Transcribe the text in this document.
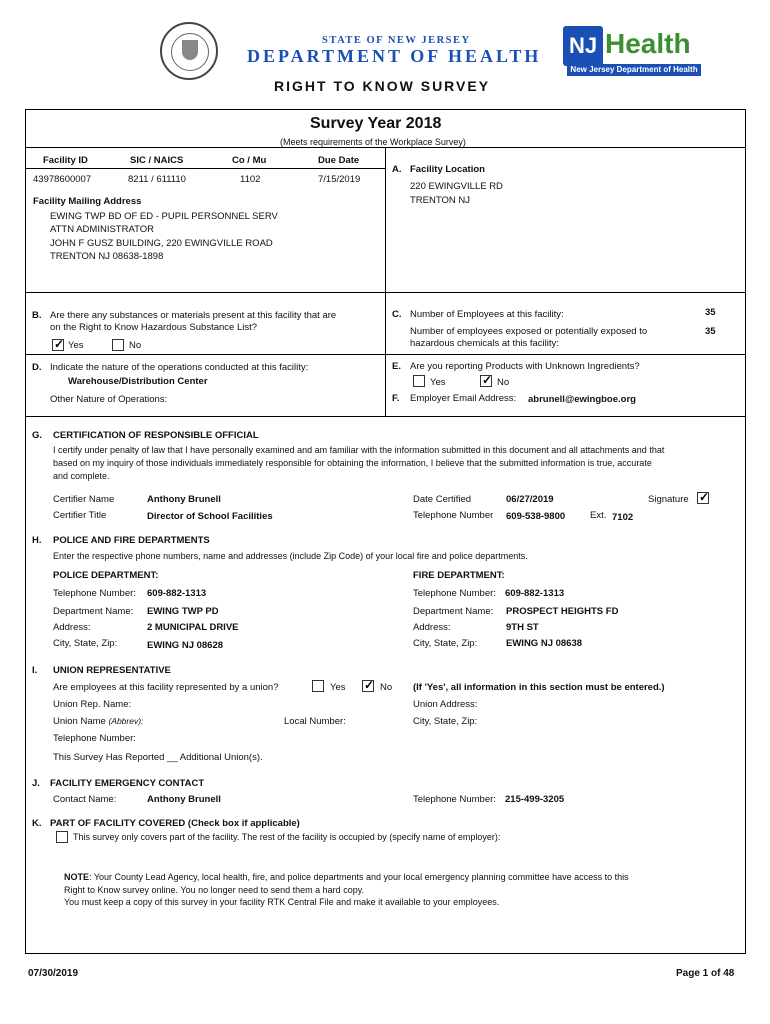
STATE OF NEW JERSEY
DEPARTMENT OF HEALTH
RIGHT TO KNOW SURVEY
NJ Health
New Jersey Department of Health
Survey Year 2018
(Meets requirements of the Workplace Survey)
Facility ID	SIC / NAICS	Co / Mu	Due Date
43978600007	8211 / 611110	1102	7/15/2019
Facility Mailing Address
EWING TWP BD OF ED - PUPIL PERSONNEL SERV
ATTN ADMINISTRATOR
JOHN F GUSZ BUILDING, 220 EWINGVILLE ROAD
TRENTON NJ 08638-1898
A. Facility Location
220 EWINGVILLE RD
TRENTON NJ
B. Are there any substances or materials present at this facility that are
on the Right to Know Hazardous Substance List?
✓ Yes	No
C. Number of Employees at this facility:	35
Number of employees exposed or potentially exposed to
hazardous chemicals at this facility:
35
D. Indicate the nature of the operations conducted at this facility:
Warehouse/Distribution Center
Other Nature of Operations:
E. Are you reporting Products with Unknown Ingredients?
Yes	✓ No
F. Employer Email Address: abrunell@ewingboe.org
G. CERTIFICATION OF RESPONSIBLE OFFICIAL
I certify under penalty of law that I have personally examined and am familiar with the information submitted in this document and all attachments and that
based on my inquiry of those individuals immediately responsible for obtaining the information, I believe that the submitted information is true, accurate
and complete.
Certifier Name	Anthony Brunell
Certifier Title	Director of School Facilities
Date Certified	06/27/2019
Telephone Number 609-538-9800	Ext. 7102
Signature ✓
H. POLICE AND FIRE DEPARTMENTS
Enter the respective phone numbers, name and addresses (include Zip Code) of your local fire and police departments.
POLICE DEPARTMENT:
Telephone Number: 609-882-1313
Department Name: EWING TWP PD
Address:	2 MUNICIPAL DRIVE
City, State, Zip:	EWING NJ 08628
FIRE DEPARTMENT:
Telephone Number: 609-882-1313
Department Name: PROSPECT HEIGHTS FD
Address:	9TH ST
City, State, Zip:	EWING NJ 08638
I. UNION REPRESENTATIVE
Are employees at this facility represented by a union?	Yes ✓ No (If 'Yes', all information in this section must be entered.)
Union Rep. Name:	Union Address:
Union Name (Abbrev):	Local Number:	City, State, Zip:
Telephone Number:
This Survey Has Reported __ Additional Union(s).
J. FACILITY EMERGENCY CONTACT
Contact Name:	Anthony Brunell	Telephone Number: 215-499-3205
K. PART OF FACILITY COVERED (Check box if applicable)
This survey only covers part of the facility. The rest of the facility is occupied by (specify name of employer):
NOTE: Your County Lead Agency, local health, fire, and police departments and your local emergency planning committee have access to this
Right to Know survey online. You no longer need to send them a hard copy.
You must keep a copy of this survey in your facility RTK Central File and make it available to your employees.
07/30/2019	Page 1 of 48
